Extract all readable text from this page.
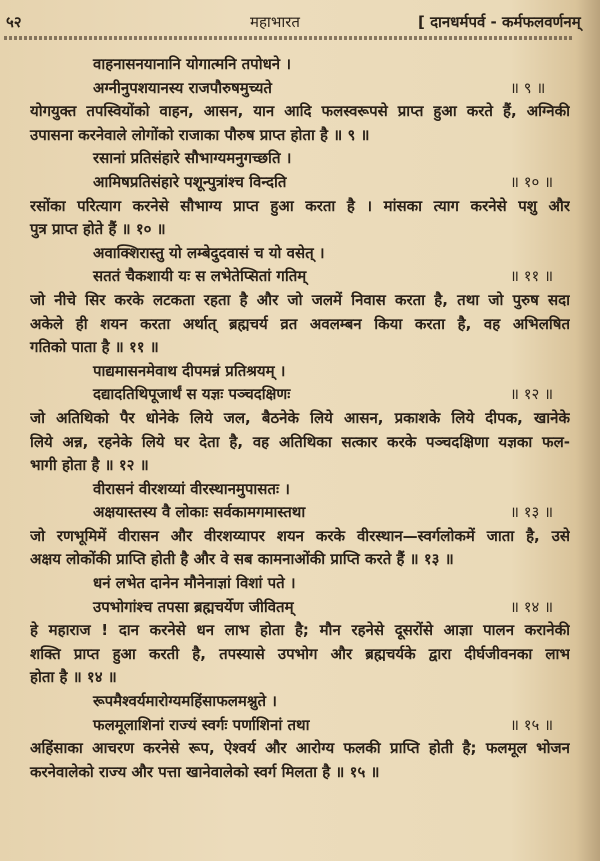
५२	महाभारत	[ दानधर्मपर्व - कर्मफलवर्णनम्
वाहनासनयानानि योगात्मनि तपोधने ।
अग्नीनुपशयानस्य राजपौरुषमुच्यते	॥ ९ ॥
योगयुक्त तपस्वियोंको वाहन, आसन, यान आदि फलस्वरूपसे प्राप्त हुआ करते हैं, अग्निकी
उपासना करनेवाले लोगोंको राजाका पौरुष प्राप्त होता है ॥ ९ ॥
रसानां प्रतिसंहारे सौभाग्यमनुगच्छति ।
आमिषप्रतिसंहारे पशून्पुत्रांश्च विन्दति	॥ १० ॥
रसोंका परित्याग करनेसे सौभाग्य प्राप्त हुआ करता है । मांसका त्याग करनेसे पशु और
पुत्र प्राप्त होते हैं ॥ १० ॥
अवाक्शिरास्तु यो लम्बेदुदवासं च यो वसेत् ।
सततं चैकशायी यः स लभेतेप्सितां गतिम्	॥ ११ ॥
जो नीचे सिर करके लटकता रहता है और जो जलमें निवास करता है, तथा जो पुरुष सदा
अकेले ही शयन करता अर्थात् ब्रह्मचर्य व्रत अवलम्बन किया करता है, वह अभिलषित
गतिको पाता है ॥ ११ ॥
पाद्यमासनमेवाथ दीपमन्नं प्रतिश्रयम् ।
दद्यादतिथिपूजार्थं स यज्ञः पञ्चदक्षिणः	॥ १२ ॥
जो अतिथिको पैर धोनेके लिये जल, बैठनेके लिये आसन, प्रकाशके लिये दीपक, खानेके
लिये अन्न, रहनेके लिये घर देता है, वह अतिथिका सत्कार करके पञ्चदक्षिणा यज्ञका फल-
भागी होता है ॥ १२ ॥
वीरासनं वीरशय्यां वीरस्थानमुपासतः ।
अक्षयास्तस्य वै लोकाः सर्वकामगमास्तथा	॥ १३ ॥
जो रणभूमिमें वीरासन और वीरशय्यापर शयन करके वीरस्थान—स्वर्गलोकमें जाता है, उसे
अक्षय लोकोंकी प्राप्ति होती है और वे सब कामनाओंकी प्राप्ति करते हैं ॥ १३ ॥
धनं लभेत दानेन मौनेनाज्ञां विशां पते ।
उपभोगांश्च तपसा ब्रह्मचर्येण जीवितम्	॥ १४ ॥
हे महाराज ! दान करनेसे धन लाभ होता है; मौन रहनेसे दूसरोंसे आज्ञा पालन करानेकी
शक्ति प्राप्त हुआ करती है, तपस्यासे उपभोग और ब्रह्मचर्यके द्वारा दीर्घजीवनका लाभ
होता है ॥ १४ ॥
रूपमैश्वर्यमारोग्यमहिंसाफलमश्नुते ।
फलमूलाशिनां राज्यं स्वर्गः पर्णाशिनां तथा	॥ १५ ॥
अहिंसाका आचरण करनेसे रूप, ऐश्वर्य और आरोग्य फलकी प्राप्ति होती है; फलमूल भोजन
करनेवालेको राज्य और पत्ता खानेवालेको स्वर्ग मिलता है ॥ १५ ॥
